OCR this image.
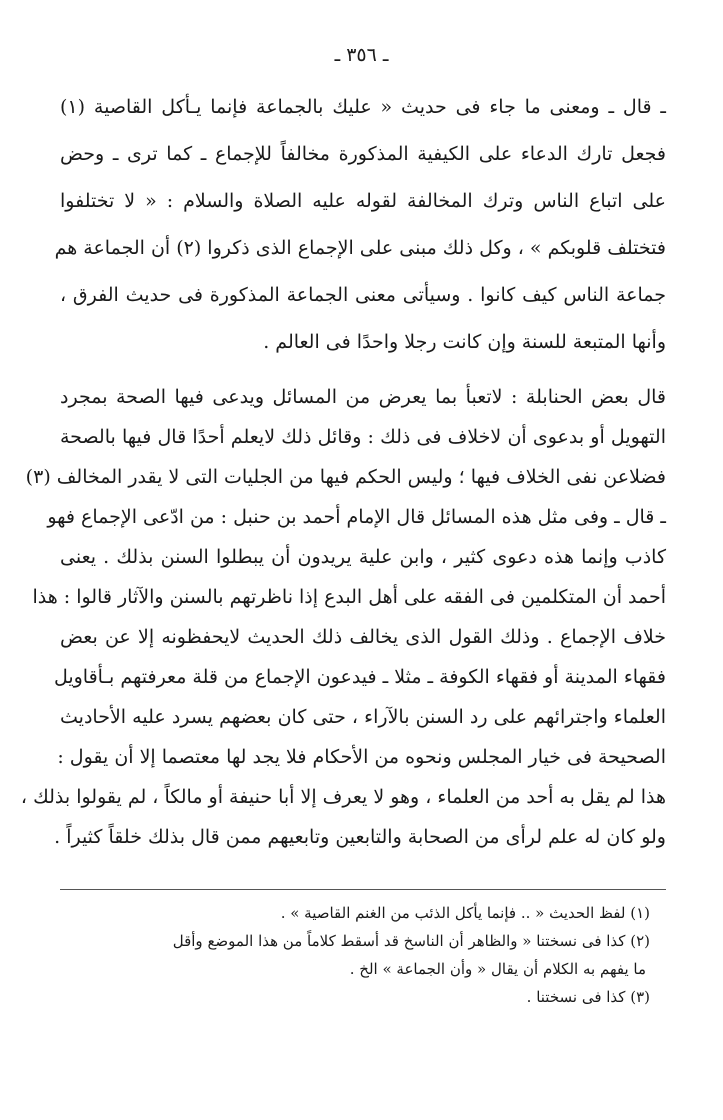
ـ ٣٥٦ ـ
ـ قال ـ ومعنى ما جاء فى حديث « عليك بالجماعة فإنما يـأكل القاصية (١)
فجعل تارك الدعاء على الكيفية المذكورة مخالفاً للإجماع ـ كما ترى ـ وحض
على اتباع الناس وترك المخالفة لقوله عليه الصلاة والسلام : « لا تختلفوا
فتختلف قلوبكم » ، وكل ذلك مبنى على الإجماع الذى ذكروا (٢) أن الجماعة هم
جماعة الناس كيف كانوا . وسيأتى معنى الجماعة المذكورة فى حديث الفرق ،
وأنها المتبعة للسنة وإن كانت رجلا واحدًا فى العالم .
قال بعض الحنابلة : لاتعبأ بما يعرض من المسائل ويدعى فيها الصحة بمجرد
التهويل أو بدعوى أن لاخلاف فى ذلك : وقائل ذلك لايعلم أحدًا قال فيها بالصحة
فضلاعن نفى الخلاف فيها ؛ وليس الحكم فيها من الجليات التى لا يقدر المخالف (٣)
ـ قال ـ وفى مثل هذه المسائل قال الإمام أحمد بن حنبل : من ادّعى الإجماع فهو
كاذب وإنما هذه دعوى كثير ، وابن علية يريدون أن يبطلوا السنن بذلك . يعنى
أحمد أن المتكلمين فى الفقه على أهل البدع إذا ناظرتهم بالسنن والآثار قالوا : هذا
خلاف الإجماع . وذلك القول الذى يخالف ذلك الحديث لايحفظونه إلا عن بعض
فقهاء المدينة أو فقهاء الكوفة ـ مثلا ـ فيدعون الإجماع من قلة معرفتهم بـأقاويل
العلماء واجترائهم على رد السنن بالآراء ، حتى كان بعضهم يسرد عليه الأحاديث
الصحيحة فى خيار المجلس ونحوه من الأحكام فلا يجد لها معتصما إلا أن يقول :
هذا لم يقل به أحد من العلماء ، وهو لا يعرف إلا أبا حنيفة أو مالكاً ، لم يقولوا بذلك ،
ولو كان له علم لرأى من الصحابة والتابعين وتابعيهم ممن قال بذلك خلقاً كثيراً .
(١) لفظ الحديث « .. فإنما يأكل الذئب من الغنم القاصية » .
(٢) كذا فى نسختنا « والظاهر أن الناسخ قد أسقط كلاماً من هذا الموضع وأقل
ما يفهم به الكلام أن يقال « وأن الجماعة » الخ .
(٣) كذا فى نسختنا .
